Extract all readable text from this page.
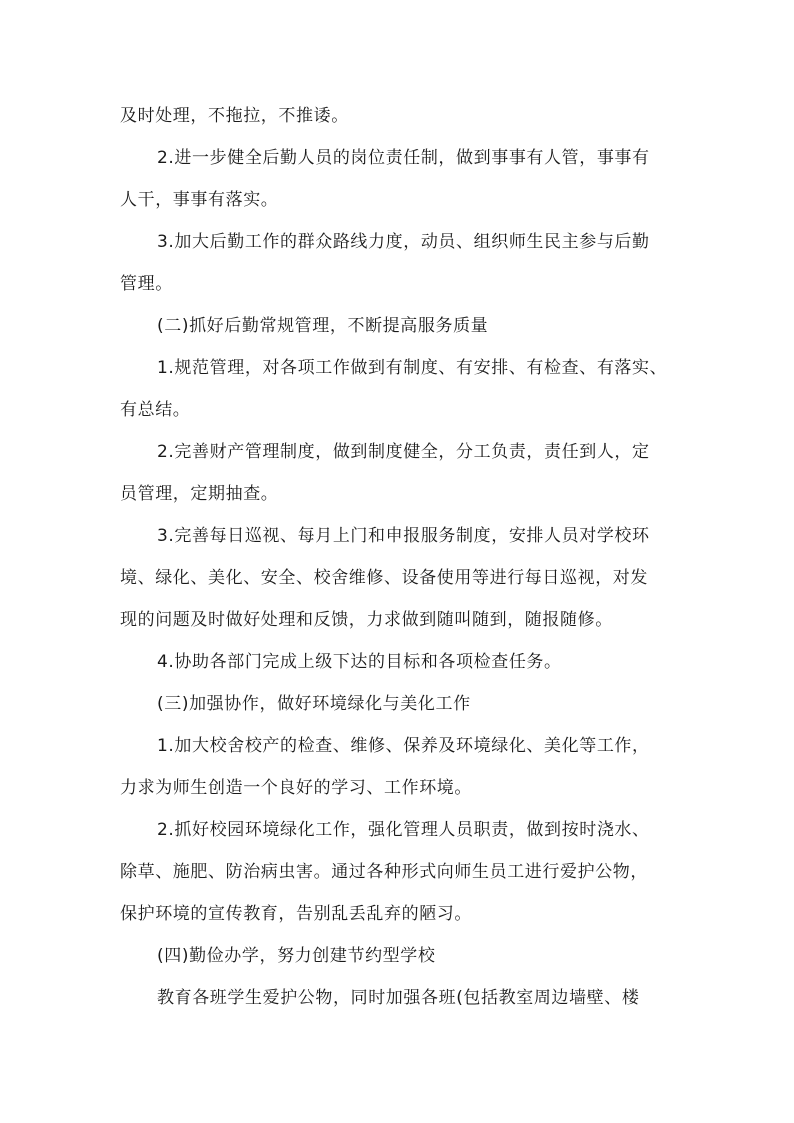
及时处理，不拖拉，不推诿。
2.进一步健全后勤人员的岗位责任制，做到事事有人管，事事有
人干，事事有落实。
3.加大后勤工作的群众路线力度，动员、组织师生民主参与后勤
管理。
(二)抓好后勤常规管理，不断提高服务质量
1.规范管理，对各项工作做到有制度、有安排、有检查、有落实、
有总结。
2.完善财产管理制度，做到制度健全，分工负责，责任到人，定
员管理，定期抽查。
3.完善每日巡视、每月上门和申报服务制度，安排人员对学校环
境、绿化、美化、安全、校舍维修、设备使用等进行每日巡视，对发
现的问题及时做好处理和反馈，力求做到随叫随到，随报随修。
4.协助各部门完成上级下达的目标和各项检查任务。
(三)加强协作，做好环境绿化与美化工作
1.加大校舍校产的检查、维修、保养及环境绿化、美化等工作，
力求为师生创造一个良好的学习、工作环境。
2.抓好校园环境绿化工作，强化管理人员职责，做到按时浇水、
除草、施肥、防治病虫害。通过各种形式向师生员工进行爱护公物，
保护环境的宣传教育，告别乱丢乱弃的陋习。
(四)勤俭办学，努力创建节约型学校
教育各班学生爱护公物，同时加强各班(包括教室周边墙壁、楼
